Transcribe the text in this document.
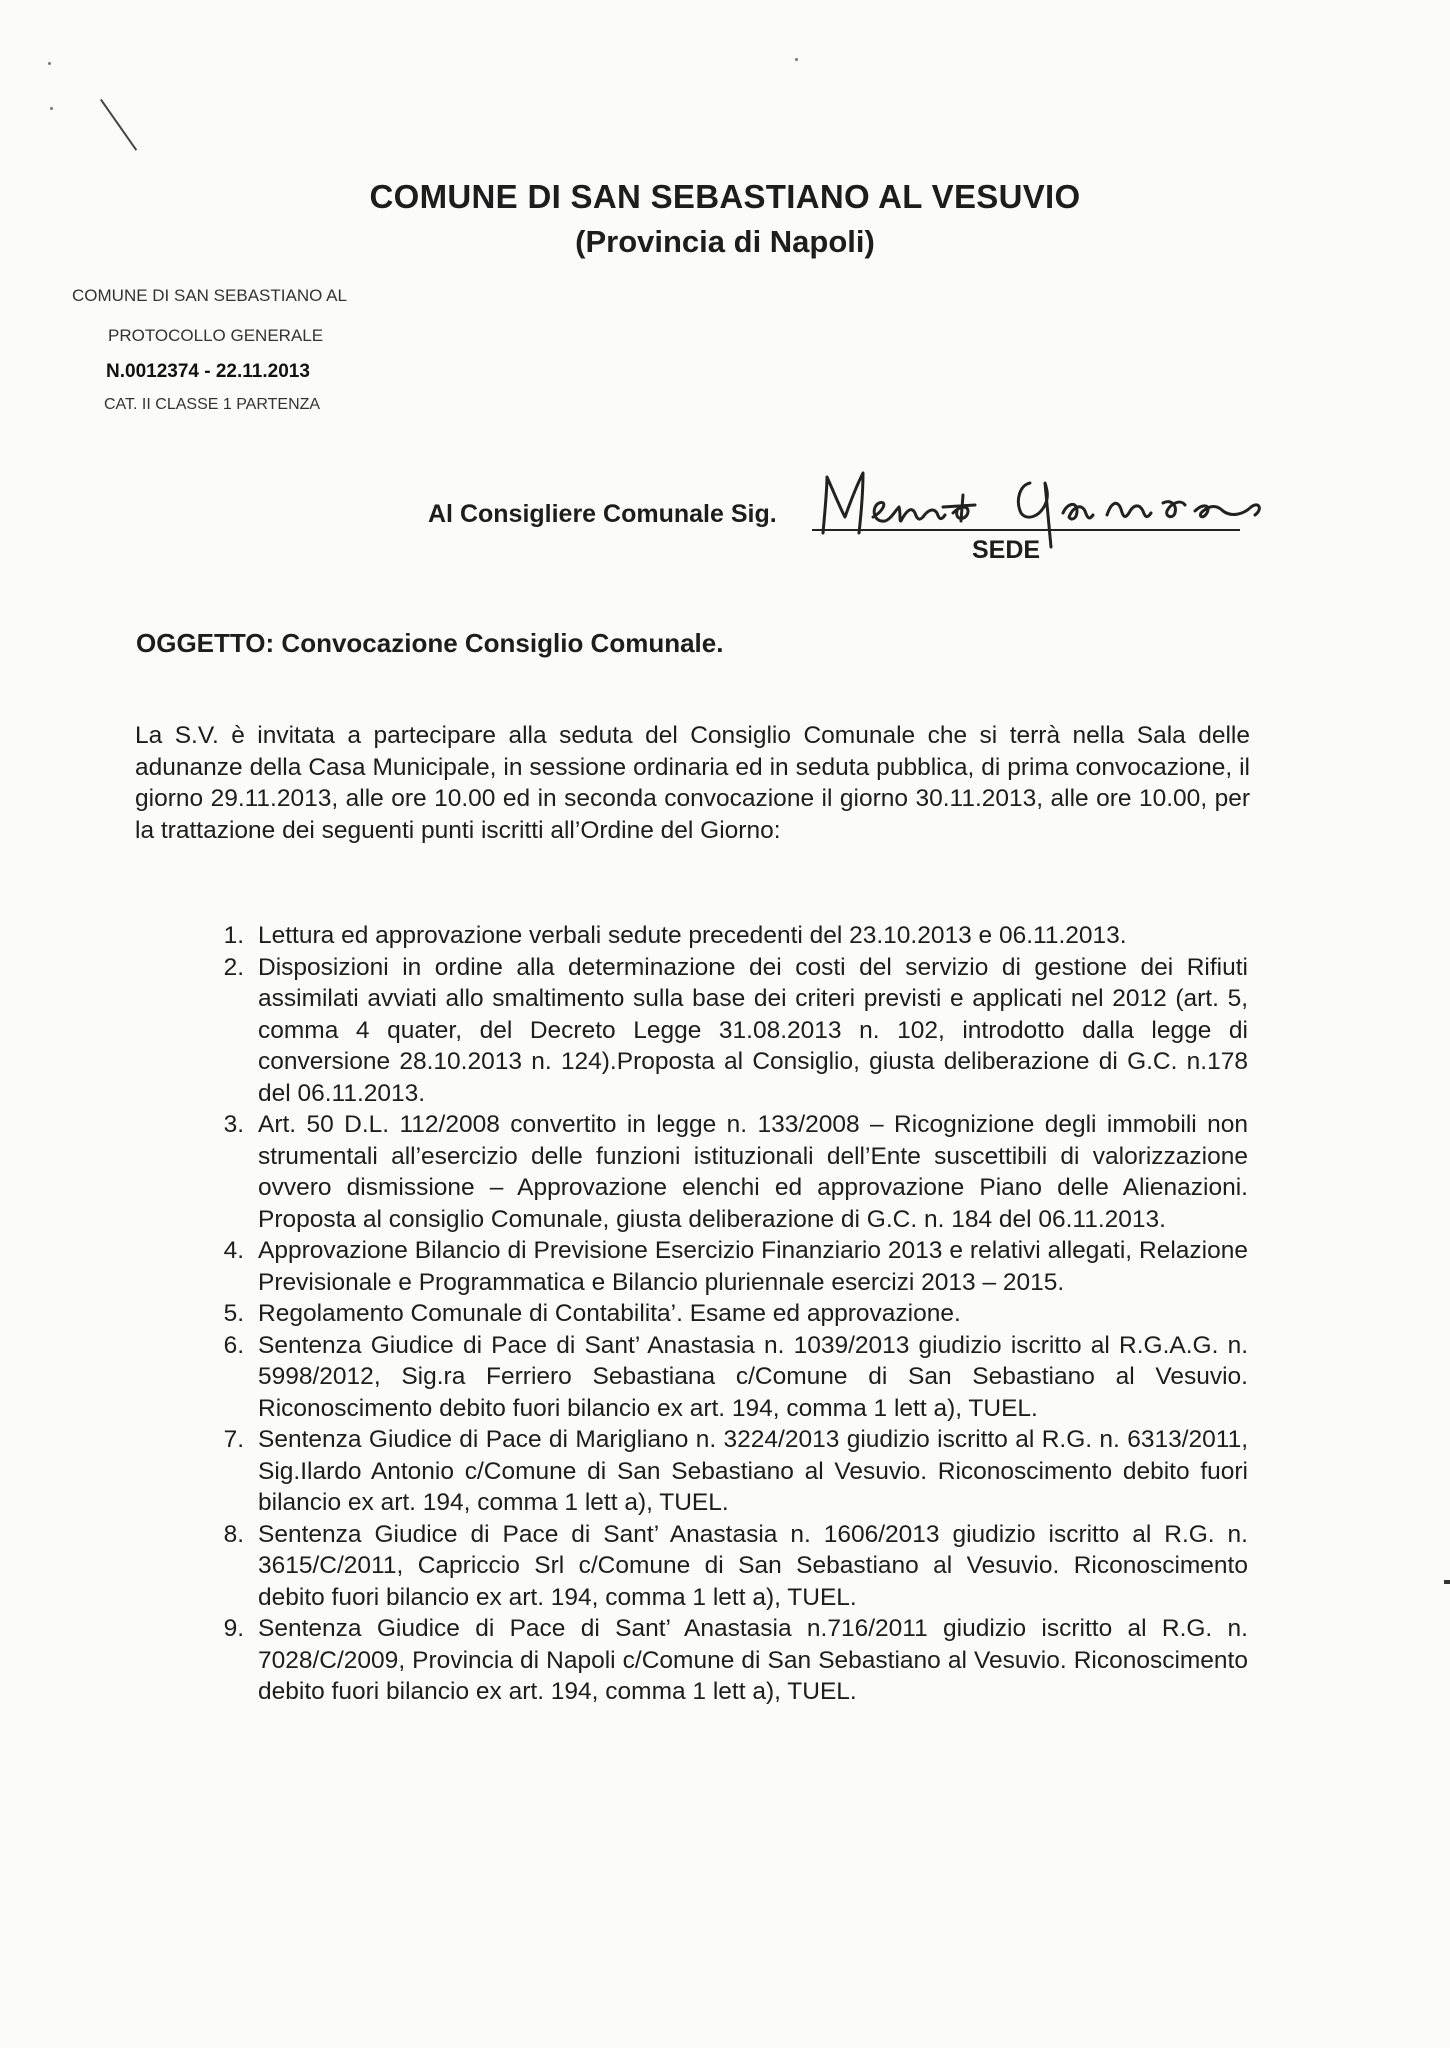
COMUNE DI SAN SEBASTIANO AL VESUVIO
(Provincia di Napoli)
COMUNE DI SAN SEBASTIANO AL
PROTOCOLLO GENERALE
N.0012374 - 22.11.2013
CAT. II CLASSE 1 PARTENZA
Al Consigliere Comunale Sig.
Menno Gennaro
SEDE
OGGETTO: Convocazione Consiglio Comunale.
La S.V. è invitata a partecipare alla seduta del Consiglio Comunale che si terrà nella Sala delle adunanze della Casa Municipale, in sessione ordinaria ed in seduta pubblica, di prima convocazione, il giorno 29.11.2013, alle ore 10.00 ed in seconda convocazione il giorno 30.11.2013, alle ore 10.00, per la trattazione dei seguenti punti iscritti all’Ordine del Giorno:
1. Lettura ed approvazione verbali sedute precedenti del 23.10.2013 e 06.11.2013.
2. Disposizioni in ordine alla determinazione dei costi del servizio di gestione dei Rifiuti assimilati avviati allo smaltimento sulla base dei criteri previsti e applicati nel 2012 (art. 5, comma 4 quater, del Decreto Legge 31.08.2013 n. 102, introdotto dalla legge di conversione 28.10.2013 n. 124).Proposta al Consiglio, giusta deliberazione di G.C. n.178 del 06.11.2013.
3. Art. 50 D.L. 112/2008 convertito in legge n. 133/2008 – Ricognizione degli immobili non strumentali all’esercizio delle funzioni istituzionali dell’Ente suscettibili di valorizzazione ovvero dismissione – Approvazione elenchi ed approvazione Piano delle Alienazioni. Proposta al consiglio Comunale, giusta deliberazione di G.C. n. 184 del 06.11.2013.
4. Approvazione Bilancio di Previsione Esercizio Finanziario 2013 e relativi allegati, Relazione Previsionale e Programmatica e Bilancio pluriennale esercizi 2013 – 2015.
5. Regolamento Comunale di Contabilita’. Esame ed approvazione.
6. Sentenza Giudice di Pace di Sant’ Anastasia n. 1039/2013 giudizio iscritto al R.G.A.G. n. 5998/2012, Sig.ra Ferriero Sebastiana c/Comune di San Sebastiano al Vesuvio. Riconoscimento debito fuori bilancio ex art. 194, comma 1 lett a), TUEL.
7. Sentenza Giudice di Pace di Marigliano n. 3224/2013 giudizio iscritto al R.G. n. 6313/2011, Sig.Ilardo Antonio c/Comune di San Sebastiano al Vesuvio. Riconoscimento debito fuori bilancio ex art. 194, comma 1 lett a), TUEL.
8. Sentenza Giudice di Pace di Sant’ Anastasia n. 1606/2013 giudizio iscritto al R.G. n. 3615/C/2011, Capriccio Srl c/Comune di San Sebastiano al Vesuvio. Riconoscimento debito fuori bilancio ex art. 194, comma 1 lett a), TUEL.
9. Sentenza Giudice di Pace di Sant’ Anastasia n.716/2011 giudizio iscritto al R.G. n. 7028/C/2009, Provincia di Napoli c/Comune di San Sebastiano al Vesuvio. Riconoscimento debito fuori bilancio ex art. 194, comma 1 lett a), TUEL.
